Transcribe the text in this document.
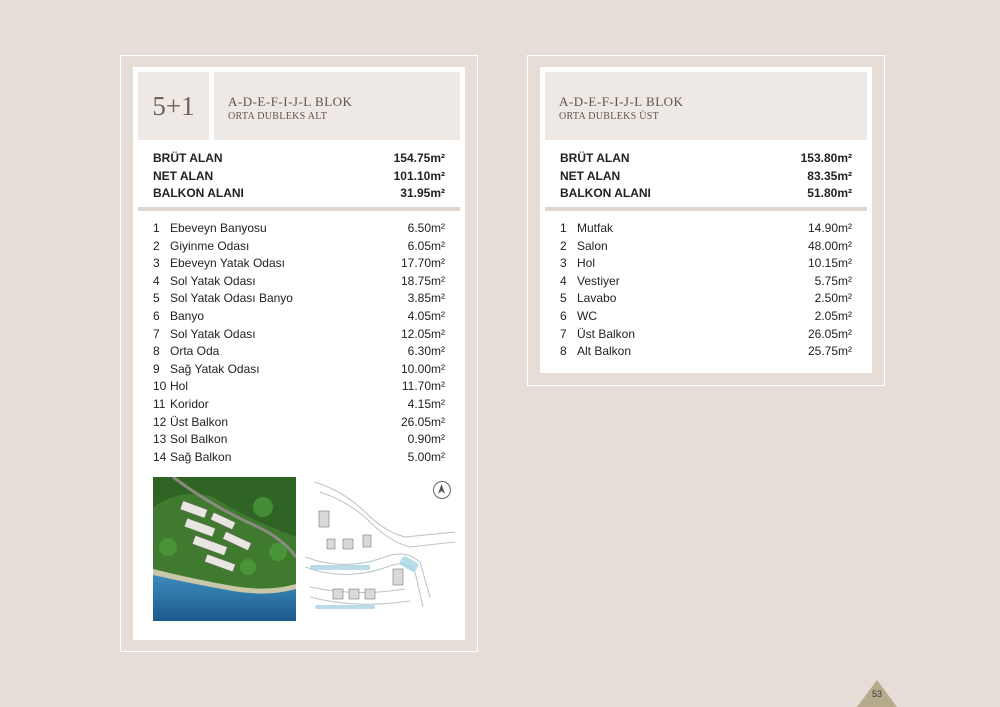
5+1	A-D-E-F-I-J-L BLOK
ORTA DUBLEKS ALT
BRÜT ALAN	154.75m²
NET ALAN	101.10m²
BALKON ALANI	31.95m²
1 Ebeveyn Banyosu	6.50m²
2 Giyinme Odası	6.05m²
3 Ebeveyn Yatak Odası	17.70m²
4 Sol Yatak Odası	18.75m²
5 Sol Yatak Odası Banyo	3.85m²
6 Banyo	4.05m²
7 Sol Yatak Odası	12.05m²
8 Orta Oda	6.30m²
9 Sağ Yatak Odası	10.00m²
10 Hol	11.70m²
11 Koridor	4.15m²
12 Üst Balkon	26.05m²
13 Sol Balkon	0.90m²
14 Sağ Balkon	5.00m²
A-D-E-F-I-J-L BLOK
ORTA DUBLEKS ÜST
BRÜT ALAN	153.80m²
NET ALAN	83.35m²
BALKON ALANI	51.80m²
1 Mutfak	14.90m²
2 Salon	48.00m²
3 Hol	10.15m²
4 Vestiyer	5.75m²
5 Lavabo	2.50m²
6 WC	2.05m²
7 Üst Balkon	26.05m²
8 Alt Balkon	25.75m²
53
